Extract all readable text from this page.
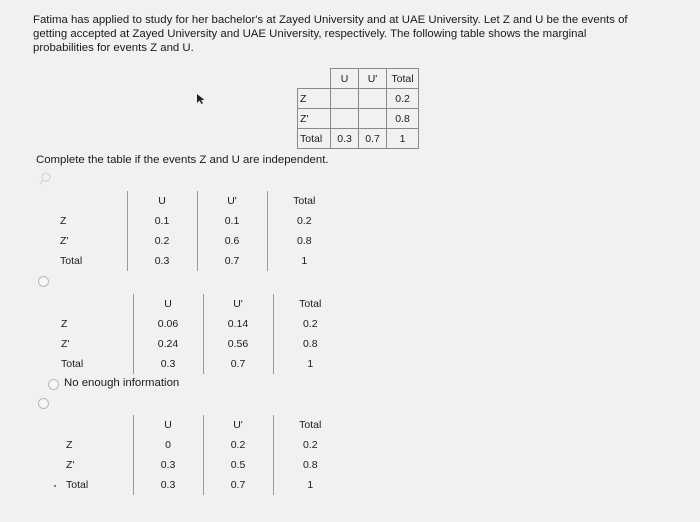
Fatima has applied to study for her bachelor's at Zayed University and at UAE University. Let Z and U be the events of

getting accepted at Zayed University and UAE University, respectively. The following table shows the marginal

probabilities for events Z and U.

	U	U'	Total
Z			0.2
Z'			0.8
Total	0.3	0.7	1
Complete the table if the events Z and U are independent.
	U	U'	Total
Z	0.1	0.1	0.2
Z'	0.2	0.6	0.8
Total	0.3	0.7	1
	U	U'	Total
Z	0.06	0.14	0.2
Z'	0.24	0.56	0.8
Total	0.3	0.7	1
No enough information
	U	U'	Total
Z	0	0.2	0.2
Z'	0.3	0.5	0.8
Total	0.3	0.7	1
